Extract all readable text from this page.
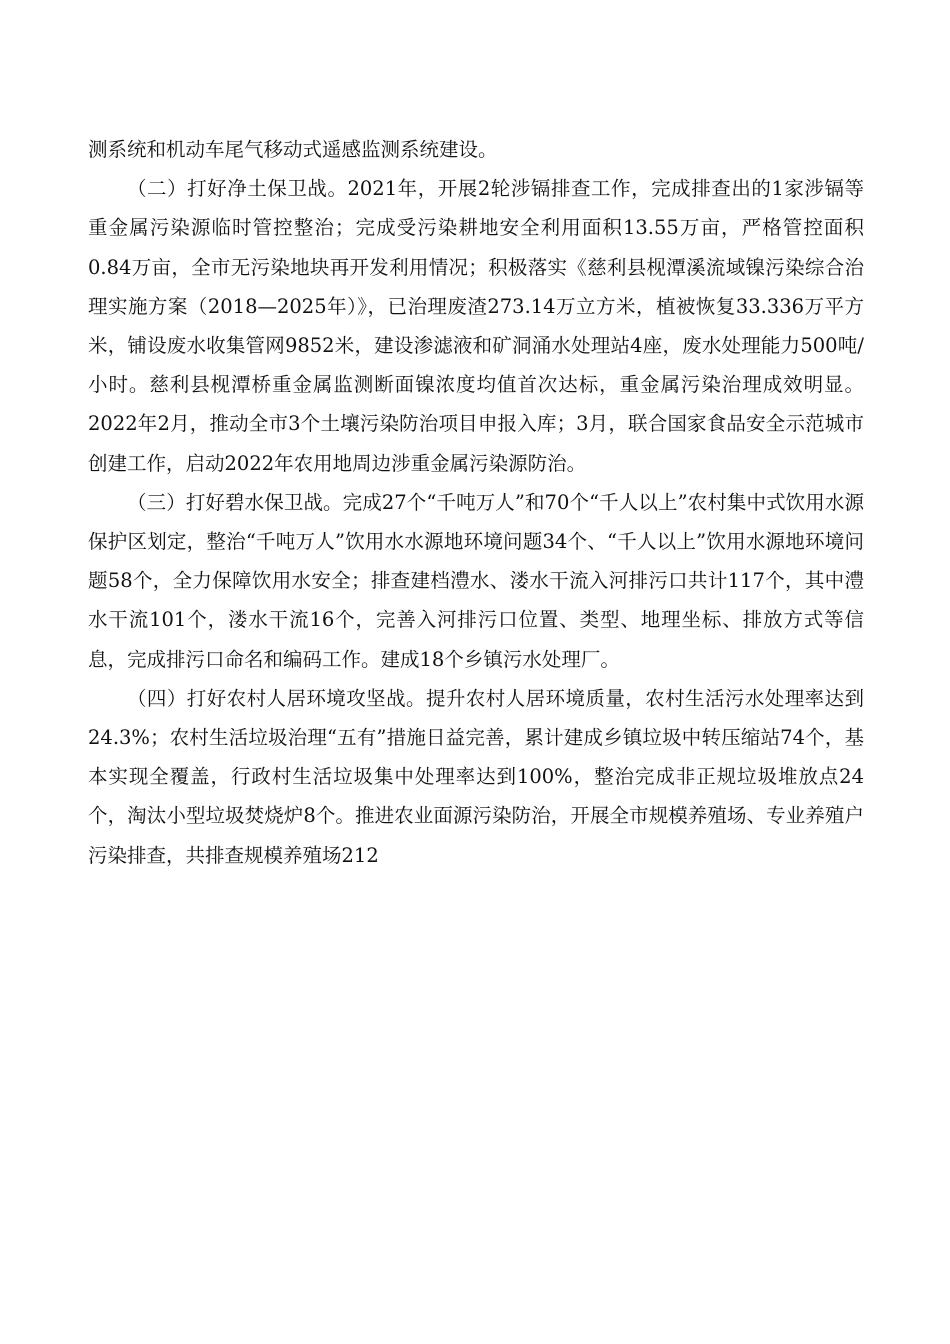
测系统和机动车尾气移动式遥感监测系统建设。

（二）打好净土保卫战。2021年，开展2轮涉镉排查工作，完成排查出的1家涉镉等重金属污染源临时管控整治；完成受污染耕地安全利用面积13.55万亩，严格管控面积0.84万亩，全市无污染地块再开发利用情况；积极落实《慈利县枧潭溪流域镍污染综合治理实施方案（2018—2025年）》，已治理废渣273.14万立方米，植被恢复33.336万平方米，铺设废水收集管网9852米，建设渗滤液和矿洞涌水处理站4座，废水处理能力500吨/小时。慈利县枧潭桥重金属监测断面镍浓度均值首次达标，重金属污染治理成效明显。2022年2月，推动全市3个土壤污染防治项目申报入库；3月，联合国家食品安全示范城市创建工作，启动2022年农用地周边涉重金属污染源防治。

（三）打好碧水保卫战。完成27个“千吨万人”和70个“千人以上”农村集中式饮用水源保护区划定，整治“千吨万人”饮用水水源地环境问题34个、“千人以上”饮用水源地环境问题58个，全力保障饮用水安全；排查建档澧水、溇水干流入河排污口共计117个，其中澧水干流101个，溇水干流16个，完善入河排污口位置、类型、地理坐标、排放方式等信息，完成排污口命名和编码工作。建成18个乡镇污水处理厂。

（四）打好农村人居环境攻坚战。提升农村人居环境质量，农村生活污水处理率达到24.3%；农村生活垃圾治理“五有”措施日益完善，累计建成乡镇垃圾中转压缩站74个，基本实现全覆盖，行政村生活垃圾集中处理率达到100%，整治完成非正规垃圾堆放点24个，淘汰小型垃圾焚烧炉8个。推进农业面源污染防治，开展全市规模养殖场、专业养殖户污染排查，共排查规模养殖场212
